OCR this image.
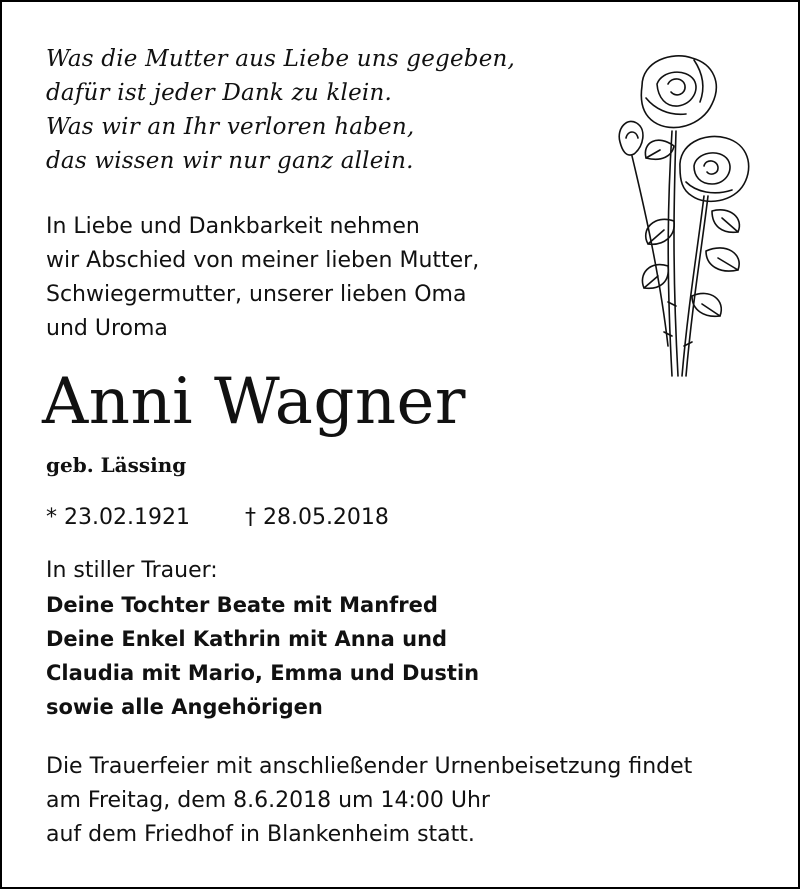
Was die Mutter aus Liebe uns gegeben,
dafür ist jeder Dank zu klein.
Was wir an Ihr verloren haben,
das wissen wir nur ganz allein.
In Liebe und Dankbarkeit nehmen
wir Abschied von meiner lieben Mutter,
Schwiegermutter, unserer lieben Oma
und Uroma
Anni Wagner
geb. Lässing
* 23.02.1921	† 28.05.2018
In stiller Trauer:
Deine Tochter Beate mit Manfred
Deine Enkel Kathrin mit Anna und
Claudia mit Mario, Emma und Dustin
sowie alle Angehörigen
Die Trauerfeier mit anschließender Urnenbeisetzung findet
am Freitag, dem 8.6.2018 um 14:00 Uhr
auf dem Friedhof in Blankenheim statt.
